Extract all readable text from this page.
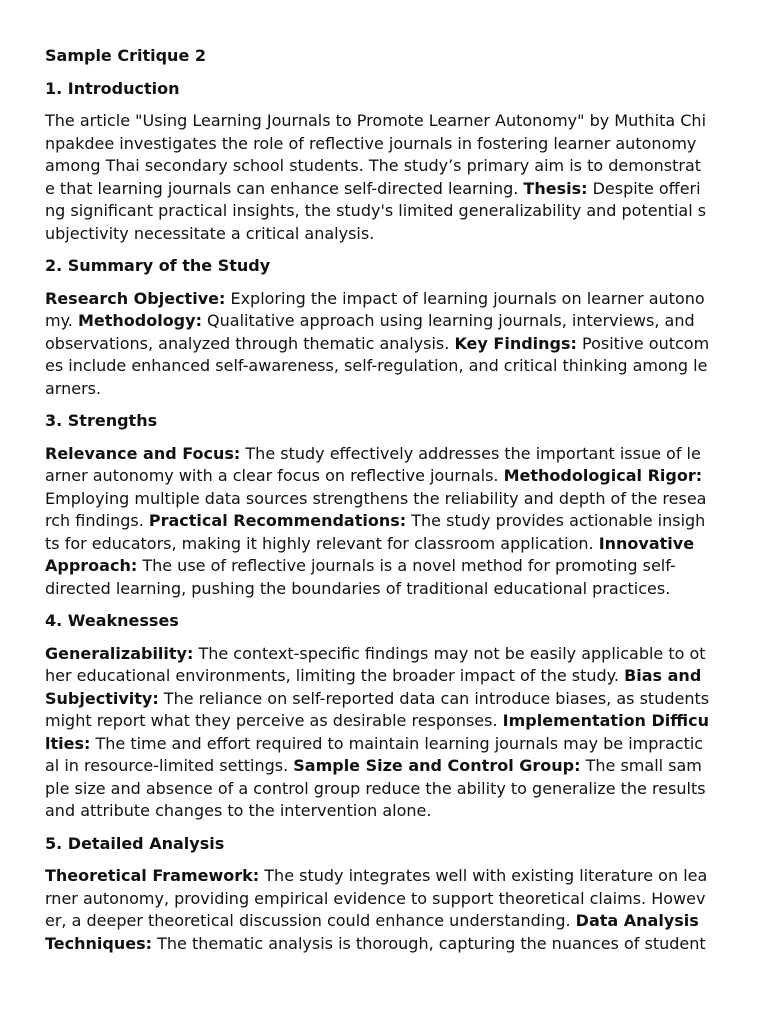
Sample Critique 2
1. Introduction
The article "Using Learning Journals to Promote Learner Autonomy" by Muthita Chi
npakdee investigates the role of reflective journals in fostering learner autonomy
among Thai secondary school students. The study’s primary aim is to demonstrat
e that learning journals can enhance self-directed learning. Thesis: Despite offeri
ng significant practical insights, the study's limited generalizability and potential s
ubjectivity necessitate a critical analysis.
2. Summary of the Study
Research Objective: Exploring the impact of learning journals on learner autono
my. Methodology: Qualitative approach using learning journals, interviews, and
observations, analyzed through thematic analysis. Key Findings: Positive outcom
es include enhanced self-awareness, self-regulation, and critical thinking among le
arners.
3. Strengths
Relevance and Focus: The study effectively addresses the important issue of le
arner autonomy with a clear focus on reflective journals. Methodological Rigor:
Employing multiple data sources strengthens the reliability and depth of the resea
rch findings. Practical Recommendations: The study provides actionable insigh
ts for educators, making it highly relevant for classroom application. Innovative
Approach: The use of reflective journals is a novel method for promoting self-
directed learning, pushing the boundaries of traditional educational practices.
4. Weaknesses
Generalizability: The context-specific findings may not be easily applicable to ot
her educational environments, limiting the broader impact of the study. Bias and
Subjectivity: The reliance on self-reported data can introduce biases, as students
might report what they perceive as desirable responses. Implementation Difficu
lties: The time and effort required to maintain learning journals may be impractic
al in resource-limited settings. Sample Size and Control Group: The small sam
ple size and absence of a control group reduce the ability to generalize the results
and attribute changes to the intervention alone.
5. Detailed Analysis
Theoretical Framework: The study integrates well with existing literature on lea
rner autonomy, providing empirical evidence to support theoretical claims. Howev
er, a deeper theoretical discussion could enhance understanding. Data Analysis
Techniques: The thematic analysis is thorough, capturing the nuances of student
